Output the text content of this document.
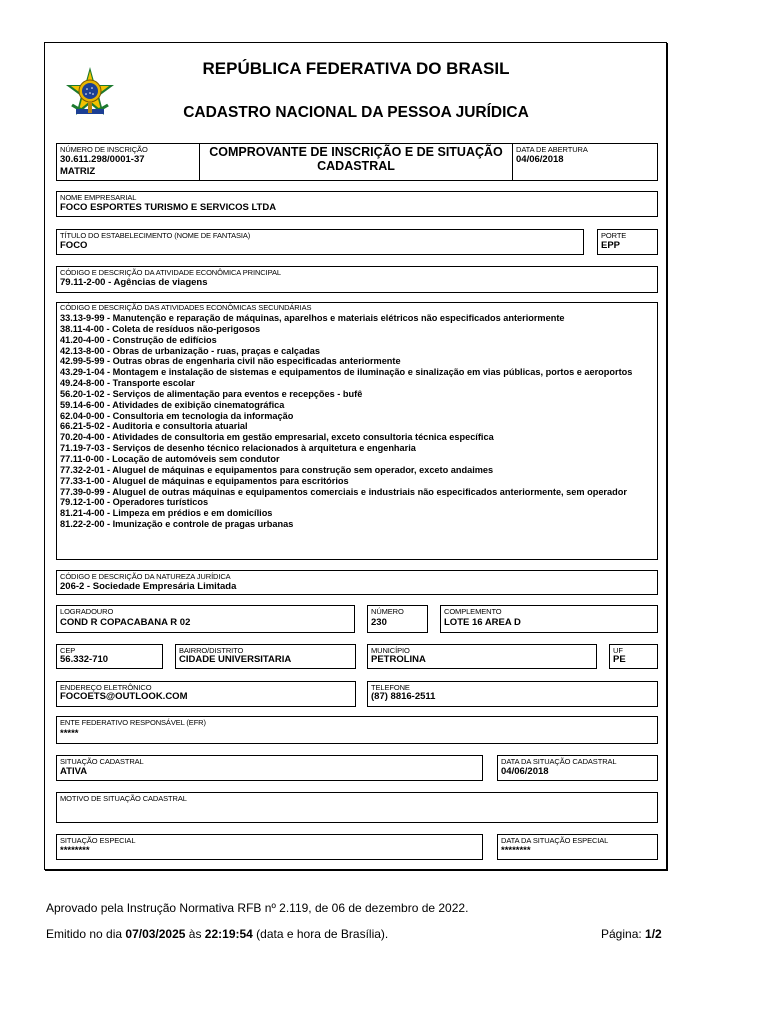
REPÚBLICA FEDERATIVA DO BRASIL
CADASTRO NACIONAL DA PESSOA JURÍDICA
NÚMERO DE INSCRIÇÃO
30.611.298/0001-37
MATRIZ
DATA DE ABERTURA
04/06/2018
COMPROVANTE DE INSCRIÇÃO E DE SITUAÇÃO
CADASTRAL
NOME EMPRESARIAL
FOCO ESPORTES TURISMO E SERVICOS LTDA
TÍTULO DO ESTABELECIMENTO (NOME DE FANTASIA)
FOCO
PORTE
EPP
CÓDIGO E DESCRIÇÃO DA ATIVIDADE ECONÔMICA PRINCIPAL
79.11-2-00 - Agências de viagens
CÓDIGO E DESCRIÇÃO DAS ATIVIDADES ECONÔMICAS SECUNDÁRIAS
33.13-9-99 - Manutenção e reparação de máquinas, aparelhos e materiais elétricos não especificados anteriormente
38.11-4-00 - Coleta de resíduos não-perigosos
41.20-4-00 - Construção de edifícios
42.13-8-00 - Obras de urbanização - ruas, praças e calçadas
42.99-5-99 - Outras obras de engenharia civil não especificadas anteriormente
43.29-1-04 - Montagem e instalação de sistemas e equipamentos de iluminação e sinalização em vias públicas, portos e aeroportos
49.24-8-00 - Transporte escolar
56.20-1-02 - Serviços de alimentação para eventos e recepções - bufê
59.14-6-00 - Atividades de exibição cinematográfica
62.04-0-00 - Consultoria em tecnologia da informação
66.21-5-02 - Auditoria e consultoria atuarial
70.20-4-00 - Atividades de consultoria em gestão empresarial, exceto consultoria técnica específica
71.19-7-03 - Serviços de desenho técnico relacionados à arquitetura e engenharia
77.11-0-00 - Locação de automóveis sem condutor
77.32-2-01 - Aluguel de máquinas e equipamentos para construção sem operador, exceto andaimes
77.33-1-00 - Aluguel de máquinas e equipamentos para escritórios
77.39-0-99 - Aluguel de outras máquinas e equipamentos comerciais e industriais não especificados anteriormente, sem operador
79.12-1-00 - Operadores turísticos
81.21-4-00 - Limpeza em prédios e em domicílios
81.22-2-00 - Imunização e controle de pragas urbanas
CÓDIGO E DESCRIÇÃO DA NATUREZA JURÍDICA
206-2 - Sociedade Empresária Limitada
LOGRADOURO
COND R COPACABANA R 02
NÚMERO
230
COMPLEMENTO
LOTE 16 AREA D
CEP
56.332-710
BAIRRO/DISTRITO
CIDADE UNIVERSITARIA
MUNICÍPIO
PETROLINA
UF
PE
ENDEREÇO ELETRÔNICO
FOCOETS@OUTLOOK.COM
TELEFONE
(87) 8816-2511
ENTE FEDERATIVO RESPONSÁVEL (EFR)
*****
SITUAÇÃO CADASTRAL
ATIVA
DATA DA SITUAÇÃO CADASTRAL
04/06/2018
MOTIVO DE SITUAÇÃO CADASTRAL
SITUAÇÃO ESPECIAL
********
DATA DA SITUAÇÃO ESPECIAL
********
Aprovado pela Instrução Normativa RFB nº 2.119, de 06 de dezembro de 2022.
Emitido no dia 07/03/2025 às 22:19:54 (data e hora de Brasília).	Página: 1/2
